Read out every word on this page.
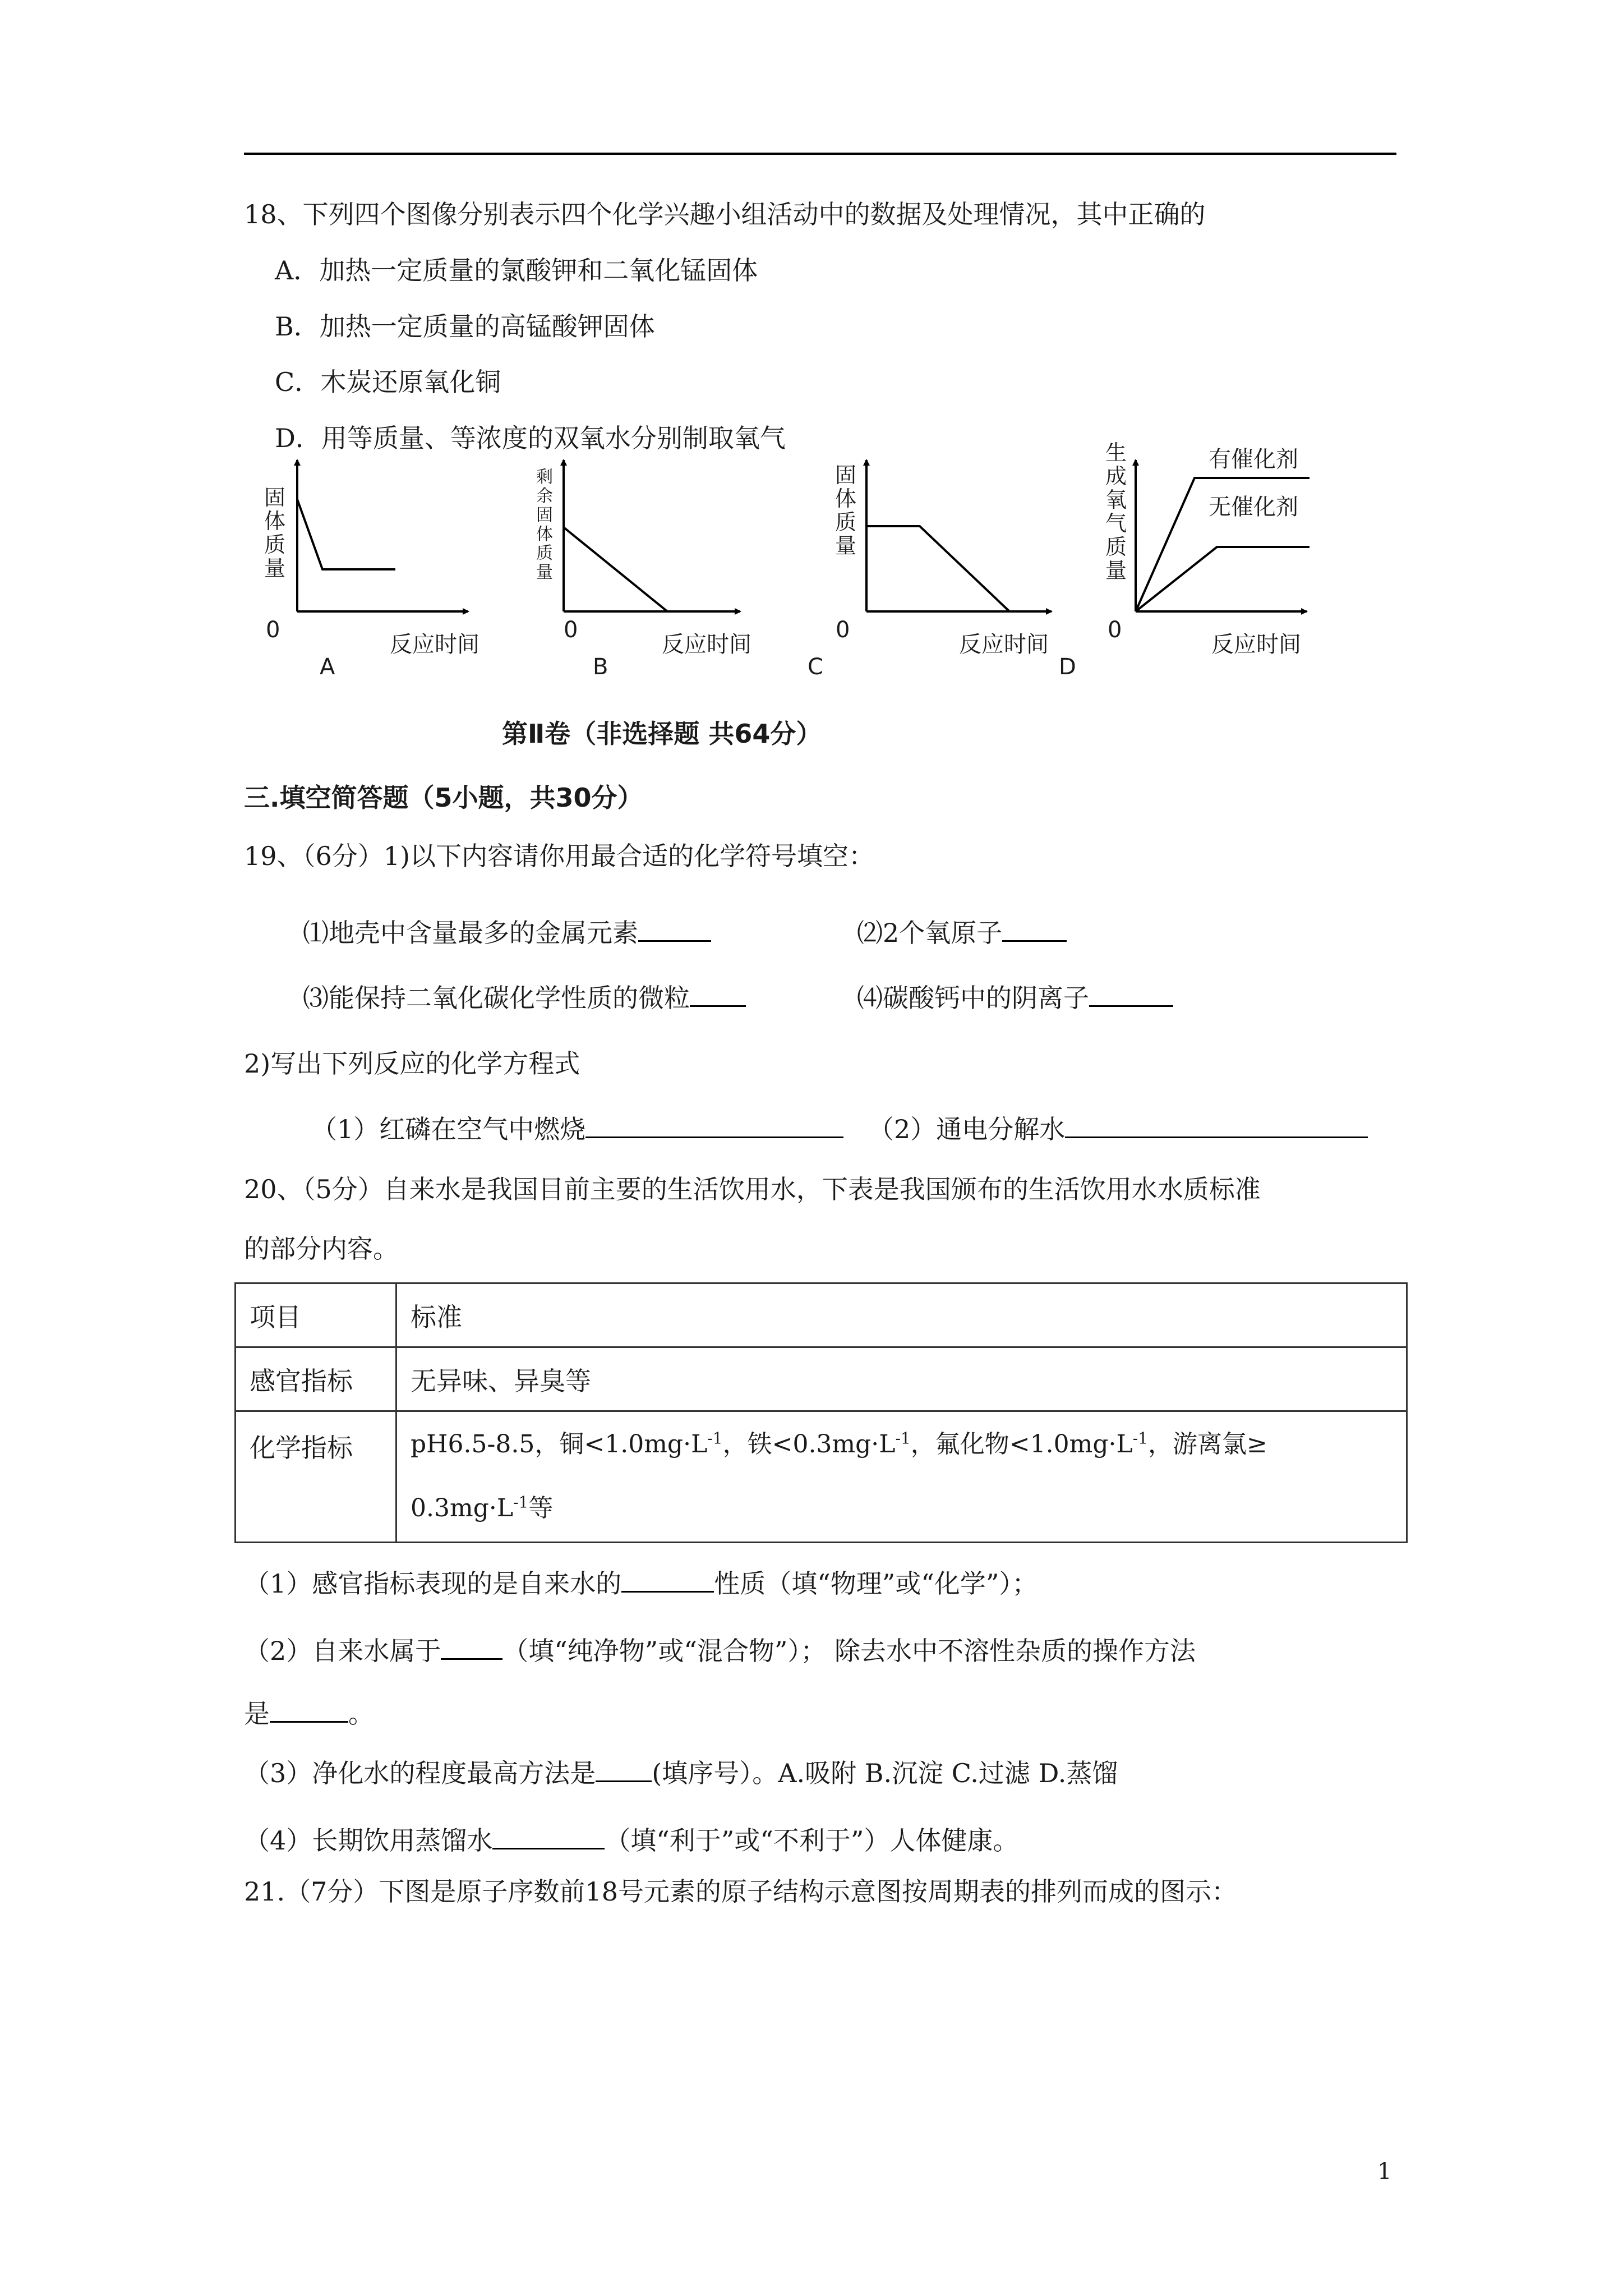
18、下列四个图像分别表示四个化学兴趣小组活动中的数据及处理情况，其中正确的
A．加热一定质量的氯酸钾和二氧化锰固体
B．加热一定质量的高锰酸钾固体
C．木炭还原氧化铜
D．用等质量、等浓度的双氧水分别制取氧气
固
体
质
量
0
反应时间
A
剩
余
固
体
质
量
0
反应时间
B
固
体
质
量
0
反应时间
C
有催化剂
无催化剂
生
成
氧
气
质
量
0
反应时间
D
第Ⅱ卷（非选择题 共64分）
三.填空简答题（5小题，共30分）
19、（6分）1)以下内容请你用最合适的化学符号填空：
⑴地壳中含量最多的金属元素	⑵2个氧原子
⑶能保持二氧化碳化学性质的微粒	⑷碳酸钙中的阴离子
2)写出下列反应的化学方程式
（1）红磷在空气中燃烧	（2）通电分解水
20、（5分）自来水是我国目前主要的生活饮用水，下表是我国颁布的生活饮用水水质标准
的部分内容。
项目	标准
感官指标	无异味、异臭等
化学指标	pH6.5-8.5，铜$<1.0mg\cdot L^{-1}$，铁$<0.3mg\cdot L^{-1}$，氟化物$<1.0mg\cdot L^{-1}$，游离氯≥
$0.3mg\cdot L^{-1}$等
（1）感官指标表现的是自来水的	性质（填“物理”或“化学”）；
（2）自来水属于 （填“纯净物”或“混合物”）； 除去水中不溶性杂质的操作方法
是	。
（3）净化水的程度最高方法是 (填序号）。A.吸附 B.沉淀 C.过滤 D.蒸馏
（4）长期饮用蒸馏水	（填“利于”或“不利于”）人体健康。
21.（7分）下图是原子序数前18号元素的原子结构示意图按周期表的排列而成的图示：
1
